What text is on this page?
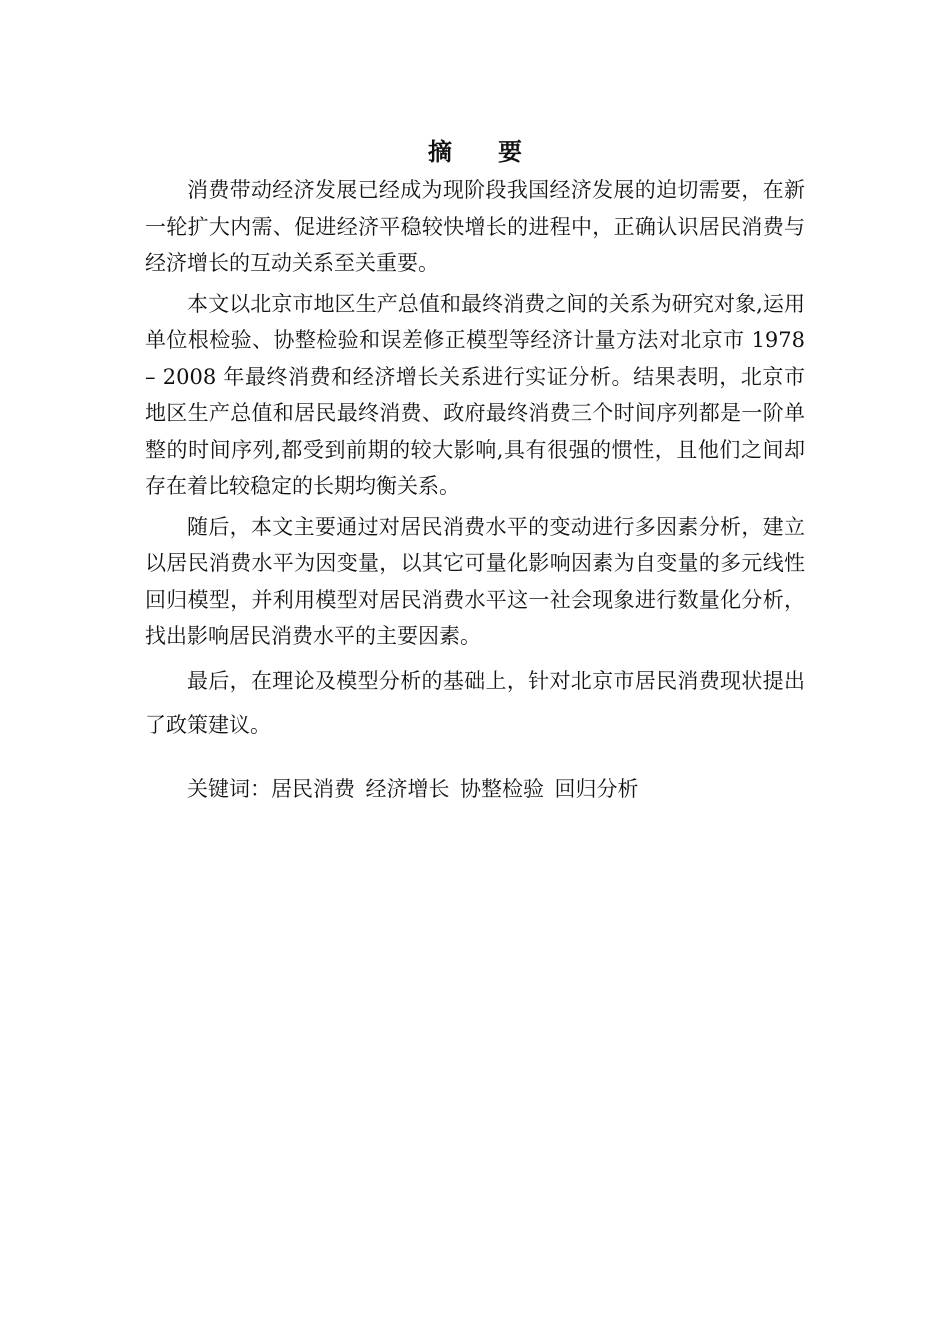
摘 要

消费带动经济发展已经成为现阶段我国经济发展的迫切需要，在新一轮扩大内需、促进经济平稳较快增长的进程中，正确认识居民消费与经济增长的互动关系至关重要。

本文以北京市地区生产总值和最终消费之间的关系为研究对象,运用单位根检验、协整检验和误差修正模型等经济计量方法对北京市 1978 – 2008 年最终消费和经济增长关系进行实证分析。结果表明，北京市地区生产总值和居民最终消费、政府最终消费三个时间序列都是一阶单整的时间序列,都受到前期的较大影响,具有很强的惯性，且他们之间却存在着比较稳定的长期均衡关系。

随后，本文主要通过对居民消费水平的变动进行多因素分析，建立以居民消费水平为因变量，以其它可量化影响因素为自变量的多元线性回归模型，并利用模型对居民消费水平这一社会现象进行数量化分析，找出影响居民消费水平的主要因素。

最后，在理论及模型分析的基础上，针对北京市居民消费现状提出了政策建议。

关键词：居民消费 经济增长 协整检验 回归分析
